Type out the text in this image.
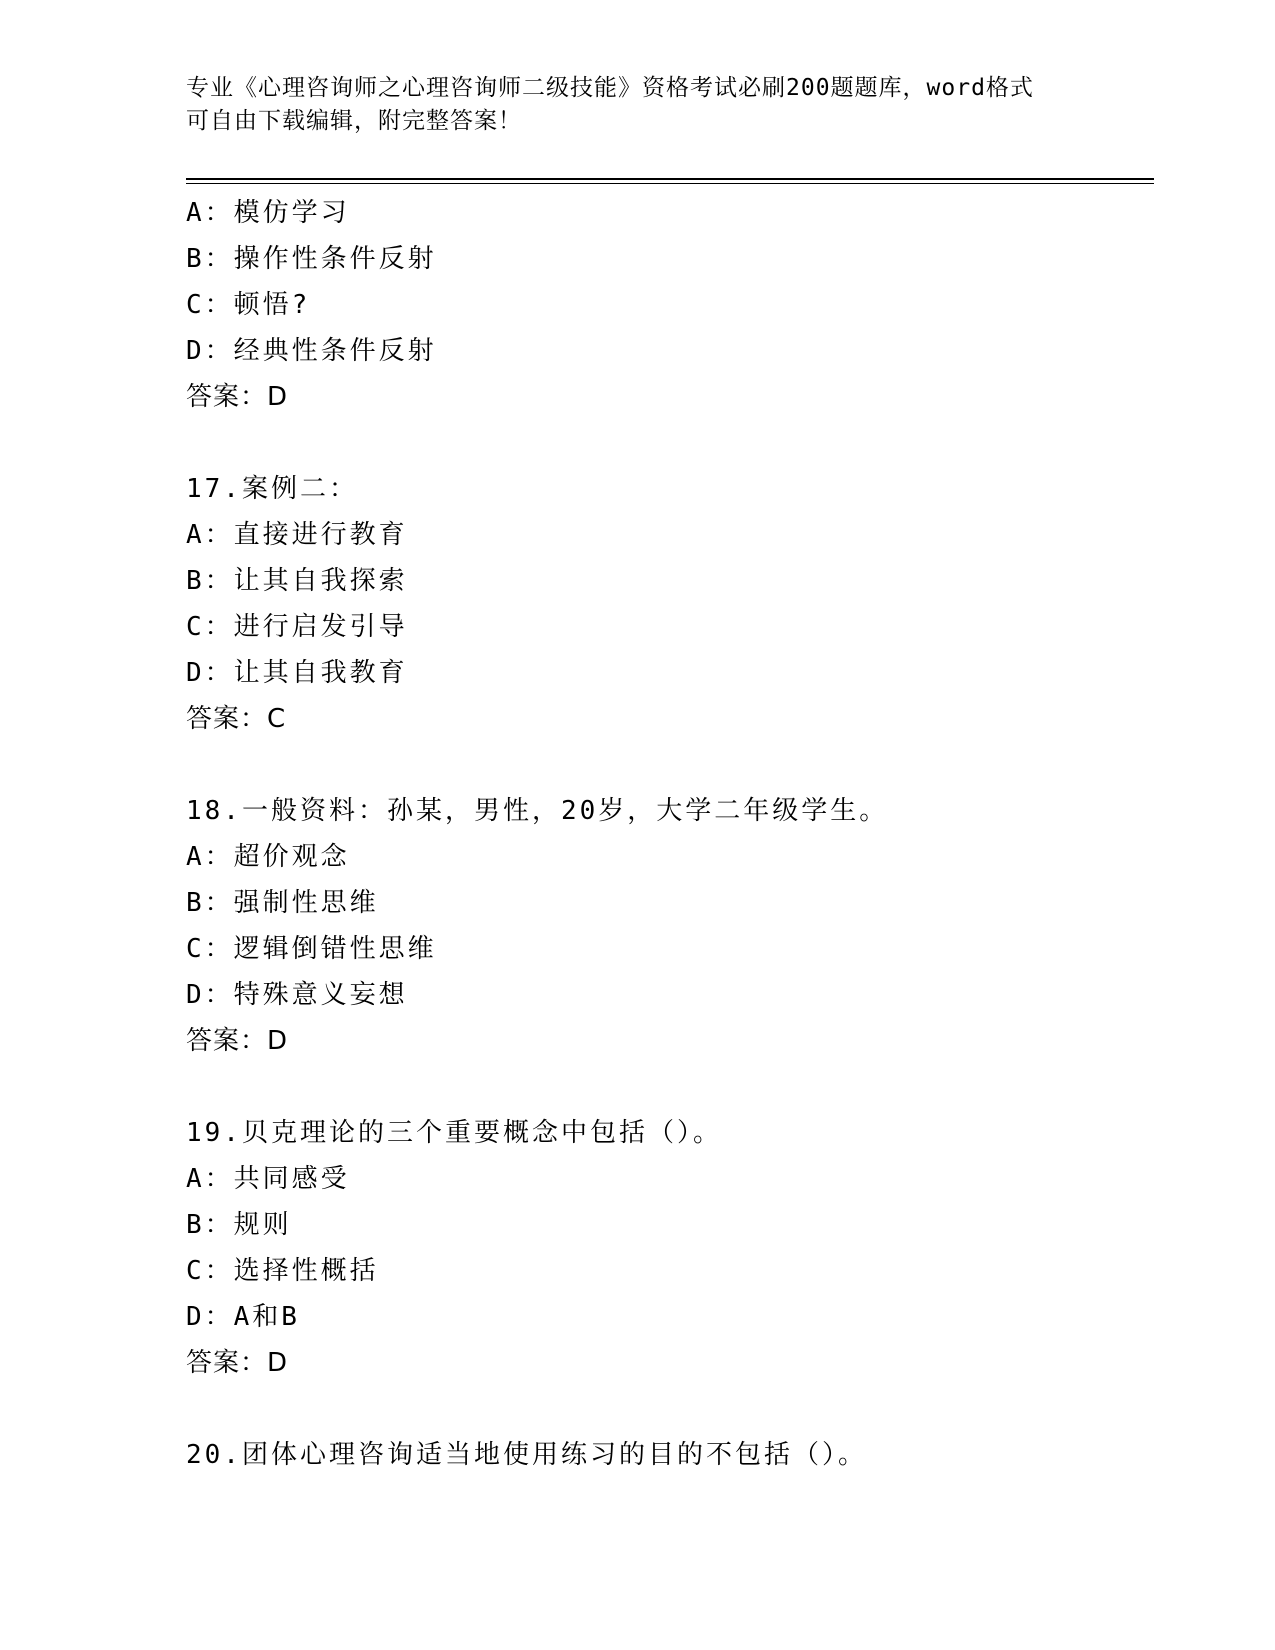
专业《心理咨询师之心理咨询师二级技能》资格考试必刷200题题库，word格式
可自由下载编辑，附完整答案！
A：模仿学习
B：操作性条件反射
C：顿悟?
D：经典性条件反射
答案：D
17.案例二：
A：直接进行教育
B：让其自我探索
C：进行启发引导
D：让其自我教育
答案：C
18.一般资料：孙某，男性，20岁，大学二年级学生。
A：超价观念
B：强制性思维
C：逻辑倒错性思维
D：特殊意义妄想
答案：D
19.贝克理论的三个重要概念中包括（）。
A：共同感受
B：规则
C：选择性概括
D：A和B
答案：D
20.团体心理咨询适当地使用练习的目的不包括（）。
